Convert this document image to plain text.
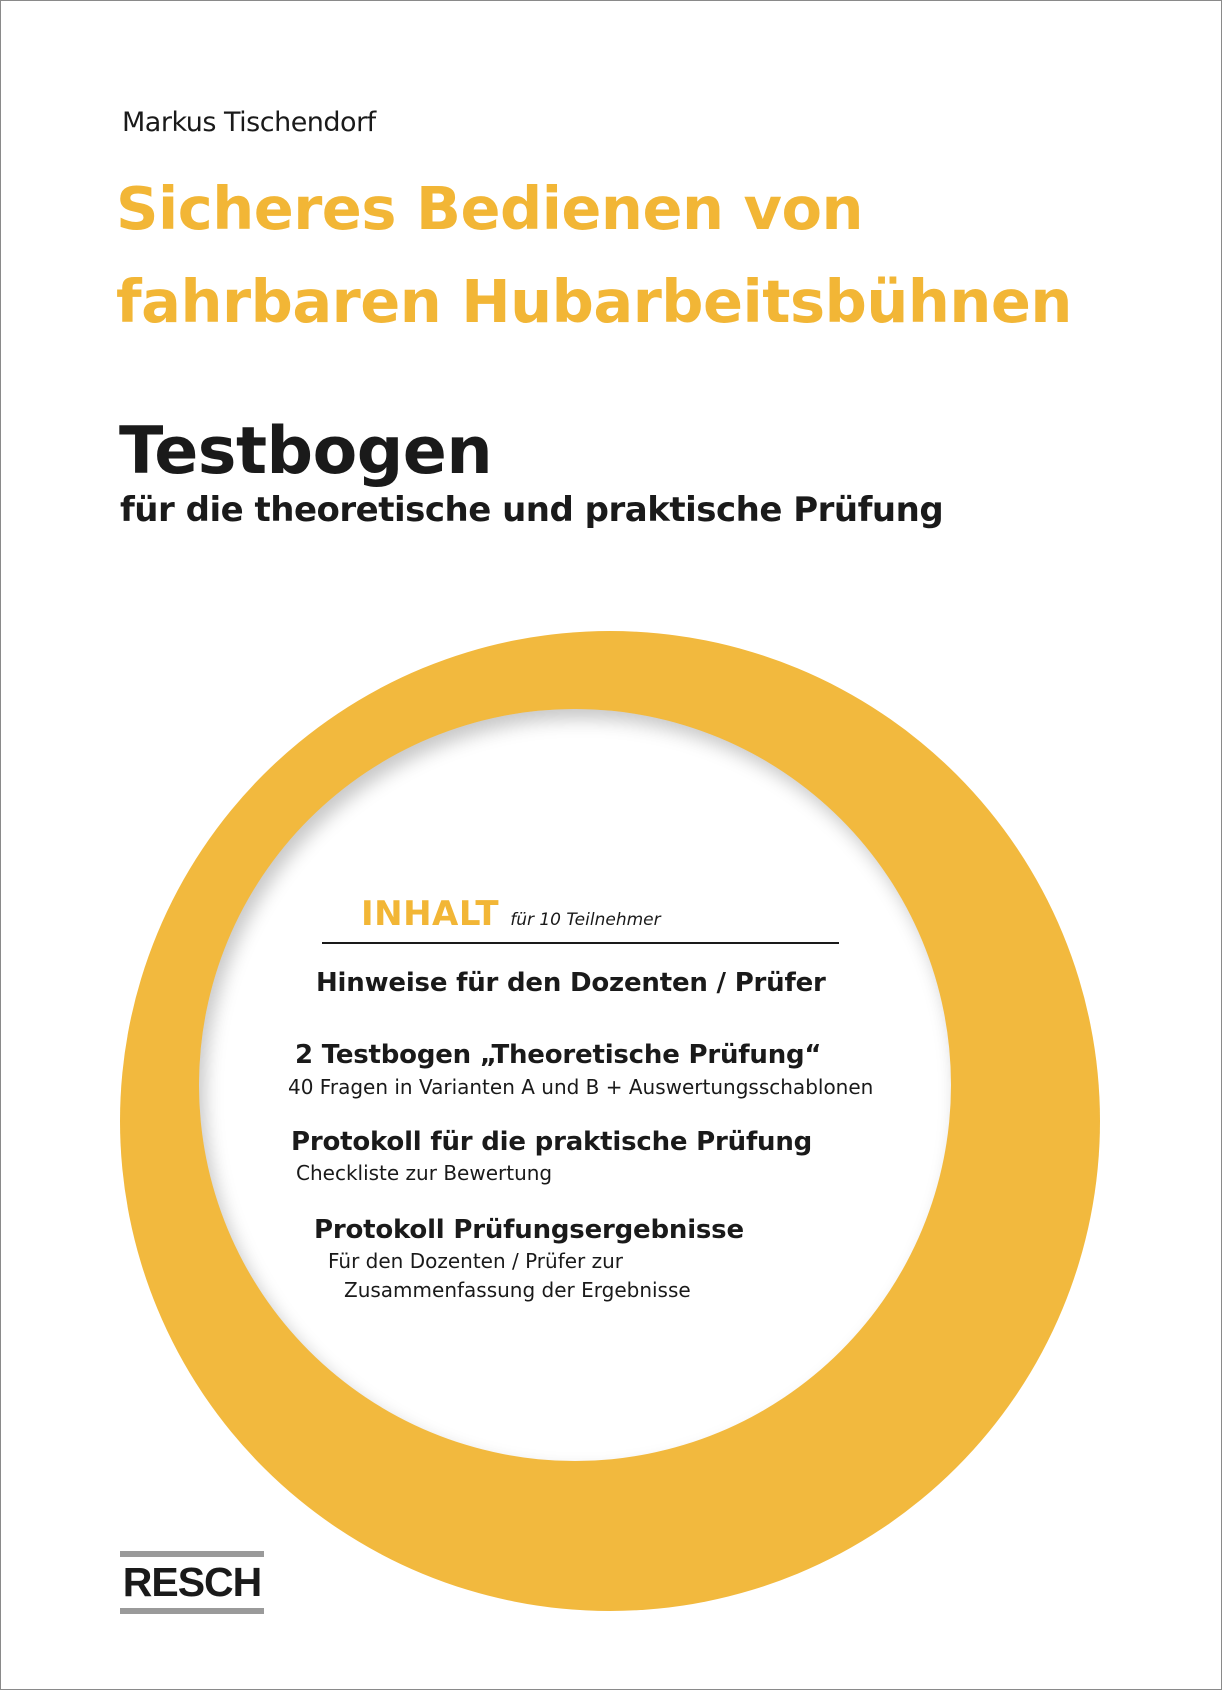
Markus Tischendorf
Sicheres Bedienen von
fahrbaren Hubarbeitsbühnen
Testbogen
für die theoretische und praktische Prüfung
INHALT für 10 Teilnehmer
Hinweise für den Dozenten / Prüfer
2 Testbogen „Theoretische Prüfung“
40 Fragen in Varianten A und B + Auswertungsschablonen
Protokoll für die praktische Prüfung
Checkliste zur Bewertung
Protokoll Prüfungsergebnisse
Für den Dozenten / Prüfer zur
Zusammenfassung der Ergebnisse
RESCH
